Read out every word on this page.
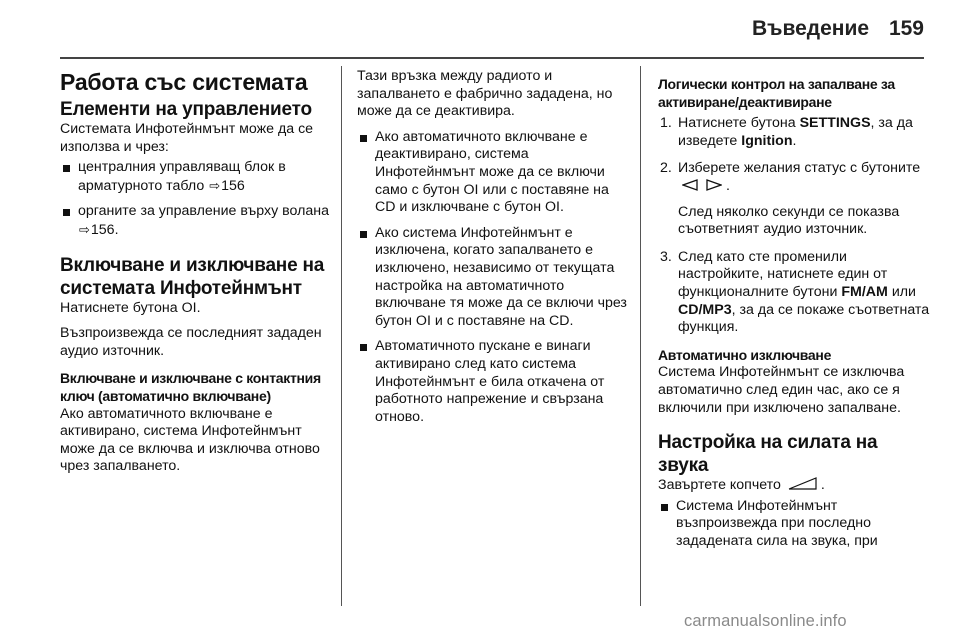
Въведение 159
Работа със системата
Елементи на управлението

Системата Инфотейнмънт може да се използва и чрез:

централния управляващ блок в арматурното табло ⇨156
органите за управление върху волана ⇨156.
Включване и изключване на системата Инфотейнмънт

Натиснете бутона OI.

Възпроизвежда се последният зададен аудио източник.

Включване и изключване с контактния ключ (автоматично включване)

Ако автоматичното включване е активирано, система Инфотейнмънт може да се включва и изключва отново чрез запалването.

Тази връзка между радиото и запалването е фабрично зададена, но може да се деактивира.

Ако автоматичното включване е деактивирано, система Инфотейнмънт може да се включи само с бутон OI или с поставяне на CD и изключване с бутон OI.
Ако система Инфотейнмънт е изключена, когато запалването е изключено, независимо от текущата настройка на автоматичното включване тя може да се включи чрез бутон OI и с поставяне на CD.
Автоматичното пускане е винаги активирано след като система Инфотейнмънт е била откачена от работното напрежение и свързана отново.
Логически контрол на запалване за активиране/деактивиране
1. Натиснете бутона SETTINGS, за да изведете Ignition.
2. Изберете желания статус с бутоните .
След няколко секунди се показва съответният аудио източник.
3. След като сте променили настройките, натиснете един от функционалните бутони FM/AM или CD/MP3, за да се покаже съответната функция.
Автоматично изключване

Система Инфотейнмънт се изключва автоматично след един час, ако се я включили при изключено запалване.

Настройка на силата на звука

Завъртете копчето	.

Система Инфотейнмънт възпроизвежда при последно зададената сила на звука, при
carmanualsonline.info
